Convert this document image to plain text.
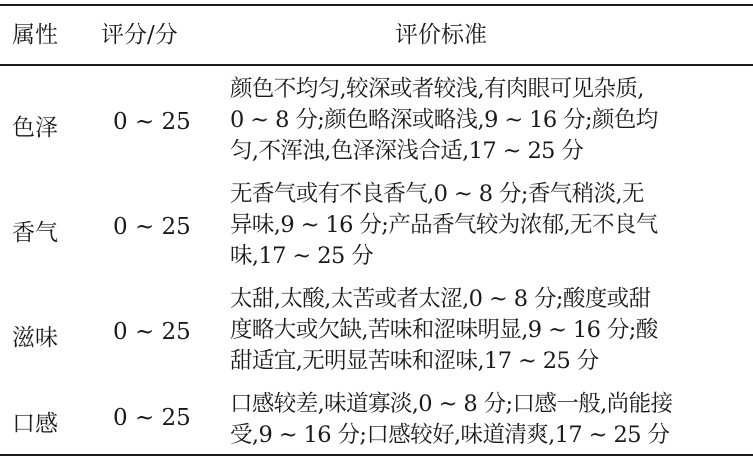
属性 评分/分	评价标准
色泽 0 ~ 25
颜色不均匀,较深或者较浅,有肉眼可见杂质,
0 ~ 8 分;颜色略深或略浅,9 ~ 16 分;颜色均
匀,不浑浊,色泽深浅合适,17 ~ 25 分
香气 0 ~ 25
无香气或有不良香气,0 ~ 8 分;香气稍淡,无
异味,9 ~ 16 分;产品香气较为浓郁,无不良气
味,17 ~ 25 分
滋味 0 ~ 25
太甜,太酸,太苦或者太涩,0 ~ 8 分;酸度或甜
度略大或欠缺,苦味和涩味明显,9 ~ 16 分;酸
甜适宜,无明显苦味和涩味,17 ~ 25 分
口感 0 ~ 25
口感较差,味道寡淡,0 ~ 8 分;口感一般,尚能接
受,9 ~ 16 分;口感较好,味道清爽,17 ~ 25 分
